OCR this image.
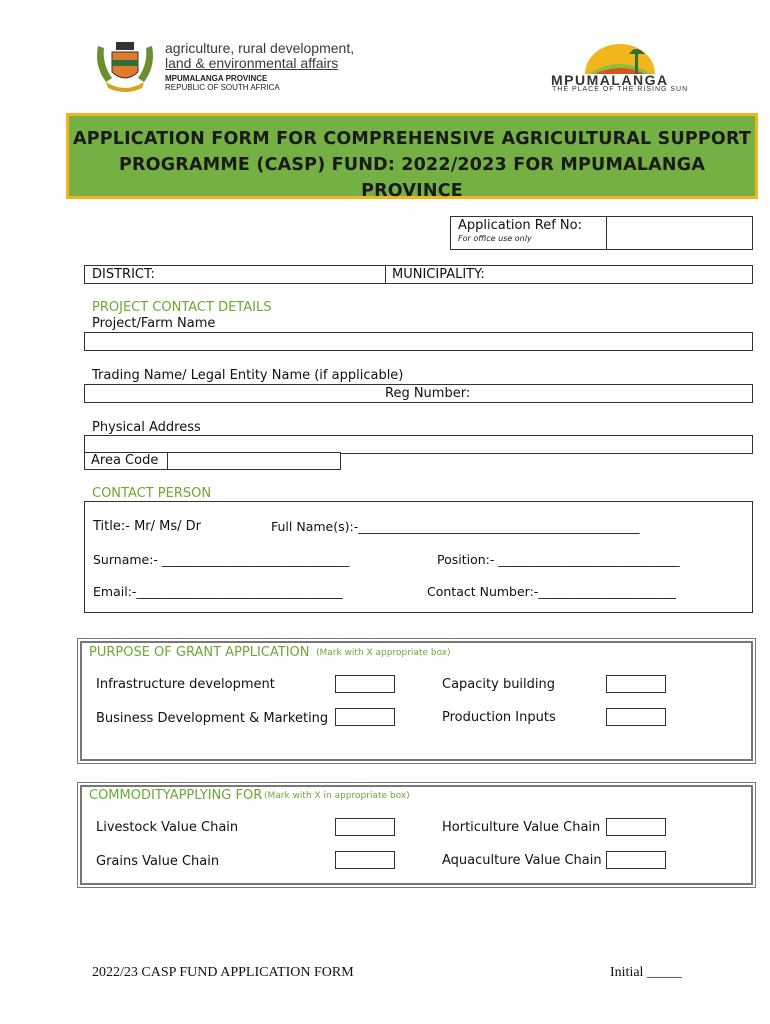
agriculture, rural development,
land & environmental affairs
MPUMALANGA PROVINCE
REPUBLIC OF SOUTH AFRICA	MPUMALANGA
THE PLACE OF THE RISING SUN
APPLICATION FORM FOR COMPREHENSIVE AGRICULTURAL SUPPORT
PROGRAMME (CASP) FUND: 2022/2023 FOR MPUMALANGA PROVINCE
Application Ref No:
For office use only
DISTRICT:	MUNICIPALITY:
PROJECT CONTACT DETAILS
Project/Farm Name
Trading Name/ Legal Entity Name (if applicable)
Reg Number:
Physical Address
Area Code
CONTACT PERSON
Title:- Mr/ Ms/ Dr	Full Name(s):-_____________________________________________
Surname:- ______________________________	Position:- _____________________________
Email:-_________________________________	Contact Number:-______________________
PURPOSE OF GRANT APPLICATION (Mark with X appropriate box)
Infrastructure development	Capacity building
Business Development & Marketing	Production Inputs
COMMODITYAPPLYING FOR (Mark with X in appropriate box)
Livestock Value Chain	Horticulture Value Chain
Grains Value Chain	Aquaculture Value Chain
2022/23 CASP FUND APPLICATION FORM	Initial _____
